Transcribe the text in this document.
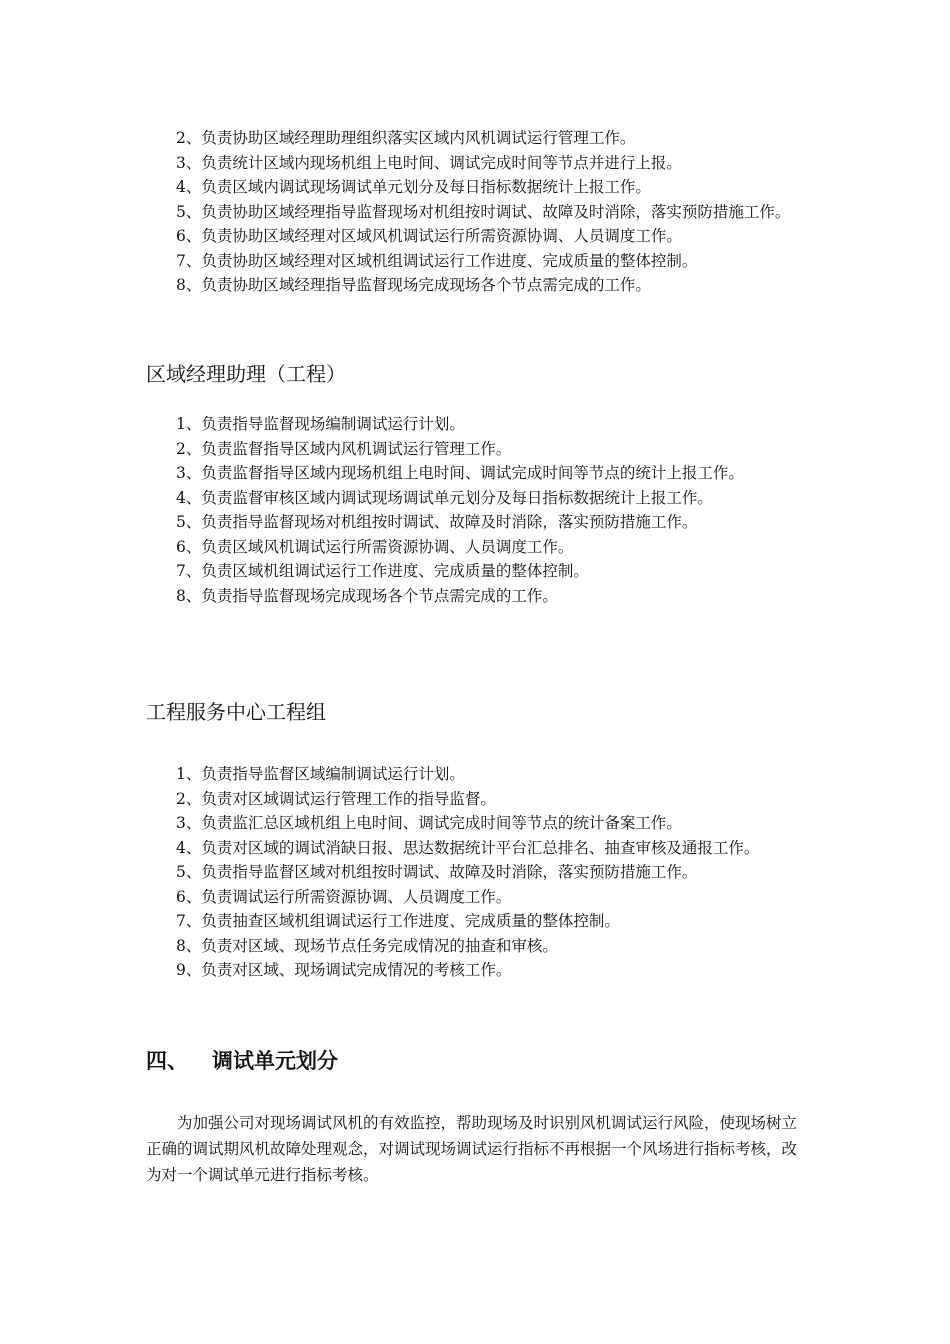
2、负责协助区域经理助理组织落实区域内风机调试运行管理工作。
3、负责统计区域内现场机组上电时间、调试完成时间等节点并进行上报。
4、负责区域内调试现场调试单元划分及每日指标数据统计上报工作。
5、负责协助区域经理指导监督现场对机组按时调试、故障及时消除，落实预防措施工作。
6、负责协助区域经理对区域风机调试运行所需资源协调、人员调度工作。
7、负责协助区域经理对区域机组调试运行工作进度、完成质量的整体控制。
8、负责协助区域经理指导监督现场完成现场各个节点需完成的工作。
区域经理助理（工程）
1、负责指导监督现场编制调试运行计划。
2、负责监督指导区域内风机调试运行管理工作。
3、负责监督指导区域内现场机组上电时间、调试完成时间等节点的统计上报工作。
4、负责监督审核区域内调试现场调试单元划分及每日指标数据统计上报工作。
5、负责指导监督现场对机组按时调试、故障及时消除，落实预防措施工作。
6、负责区域风机调试运行所需资源协调、人员调度工作。
7、负责区域机组调试运行工作进度、完成质量的整体控制。
8、负责指导监督现场完成现场各个节点需完成的工作。
工程服务中心工程组
1、负责指导监督区域编制调试运行计划。
2、负责对区域调试运行管理工作的指导监督。
3、负责监汇总区域机组上电时间、调试完成时间等节点的统计备案工作。
4、负责对区域的调试消缺日报、思达数据统计平台汇总排名、抽查审核及通报工作。
5、负责指导监督区域对机组按时调试、故障及时消除，落实预防措施工作。
6、负责调试运行所需资源协调、人员调度工作。
7、负责抽查区域机组调试运行工作进度、完成质量的整体控制。
8、负责对区域、现场节点任务完成情况的抽查和审核。
9、负责对区域、现场调试完成情况的考核工作。
四、 调试单元划分

为加强公司对现场调试风机的有效监控，帮助现场及时识别风机调试运行风险，使现场树立正确的调试期风机故障处理观念，对调试现场调试运行指标不再根据一个风场进行指标考核，改为对一个调试单元进行指标考核。
